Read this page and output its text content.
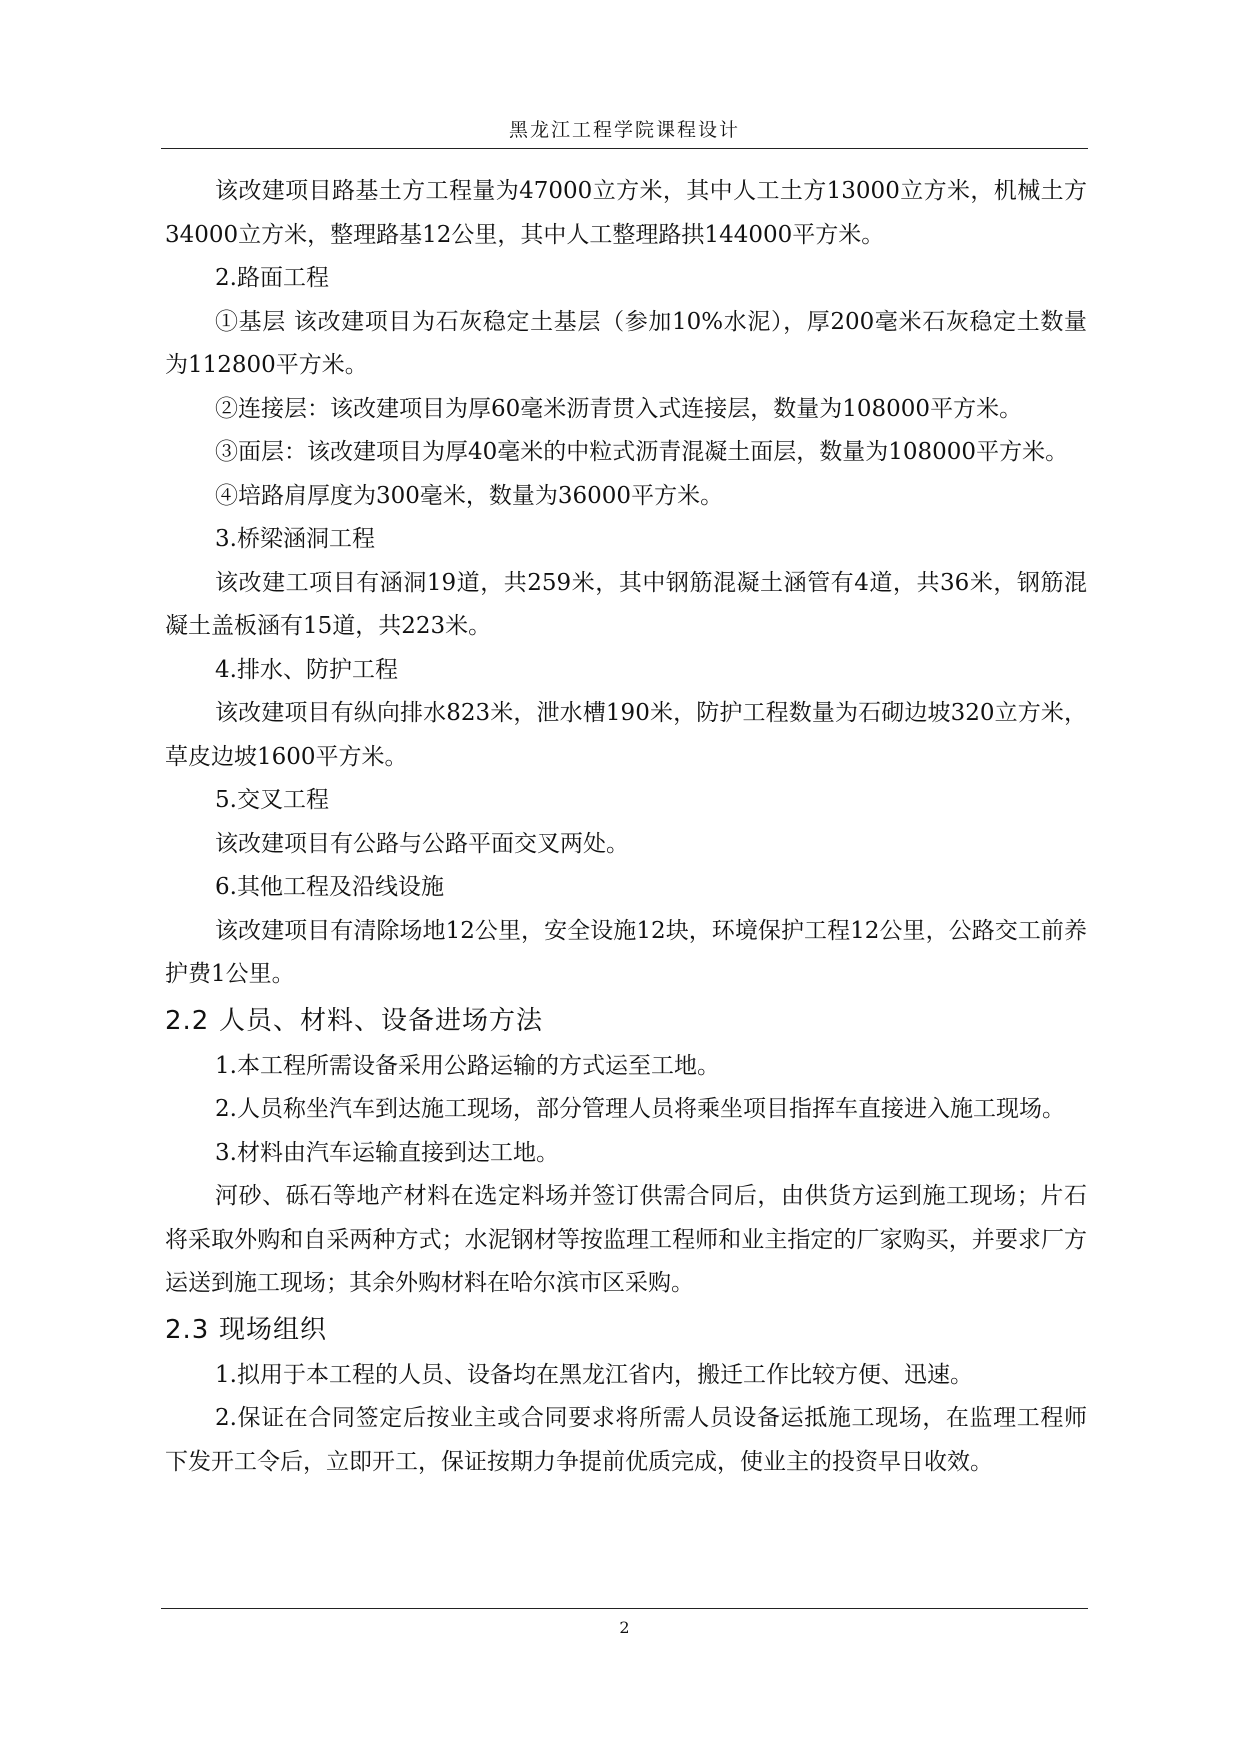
黑龙江工程学院课程设计

该改建项目路基土方工程量为47000立方米，其中人工土方13000立方米，机械土方34000立方米，整理路基12公里，其中人工整理路拱144000平方米。

2.路面工程

①基层 该改建项目为石灰稳定土基层（参加10%水泥），厚200毫米石灰稳定土数量为112800平方米。

②连接层：该改建项目为厚60毫米沥青贯入式连接层，数量为108000平方米。

③面层：该改建项目为厚40毫米的中粒式沥青混凝土面层，数量为108000平方米。

④培路肩厚度为300毫米，数量为36000平方米。

3.桥梁涵洞工程

该改建工项目有涵洞19道，共259米，其中钢筋混凝土涵管有4道，共36米，钢筋混凝土盖板涵有15道，共223米。

4.排水、防护工程

该改建项目有纵向排水823米，泄水槽190米，防护工程数量为石砌边坡320立方米，草皮边坡1600平方米。

5.交叉工程

该改建项目有公路与公路平面交叉两处。

6.其他工程及沿线设施

该改建项目有清除场地12公里，安全设施12块，环境保护工程12公里，公路交工前养护费1公里。

2.2 人员、材料、设备进场方法

1.本工程所需设备采用公路运输的方式运至工地。

2.人员称坐汽车到达施工现场，部分管理人员将乘坐项目指挥车直接进入施工现场。

3.材料由汽车运输直接到达工地。

河砂、砾石等地产材料在选定料场并签订供需合同后，由供货方运到施工现场；片石将采取外购和自采两种方式；水泥钢材等按监理工程师和业主指定的厂家购买，并要求厂方运送到施工现场；其余外购材料在哈尔滨市区采购。

2.3 现场组织

1.拟用于本工程的人员、设备均在黑龙江省内，搬迁工作比较方便、迅速。

2.保证在合同签定后按业主或合同要求将所需人员设备运抵施工现场，在监理工程师下发开工令后，立即开工，保证按期力争提前优质完成，使业主的投资早日收效。

2
